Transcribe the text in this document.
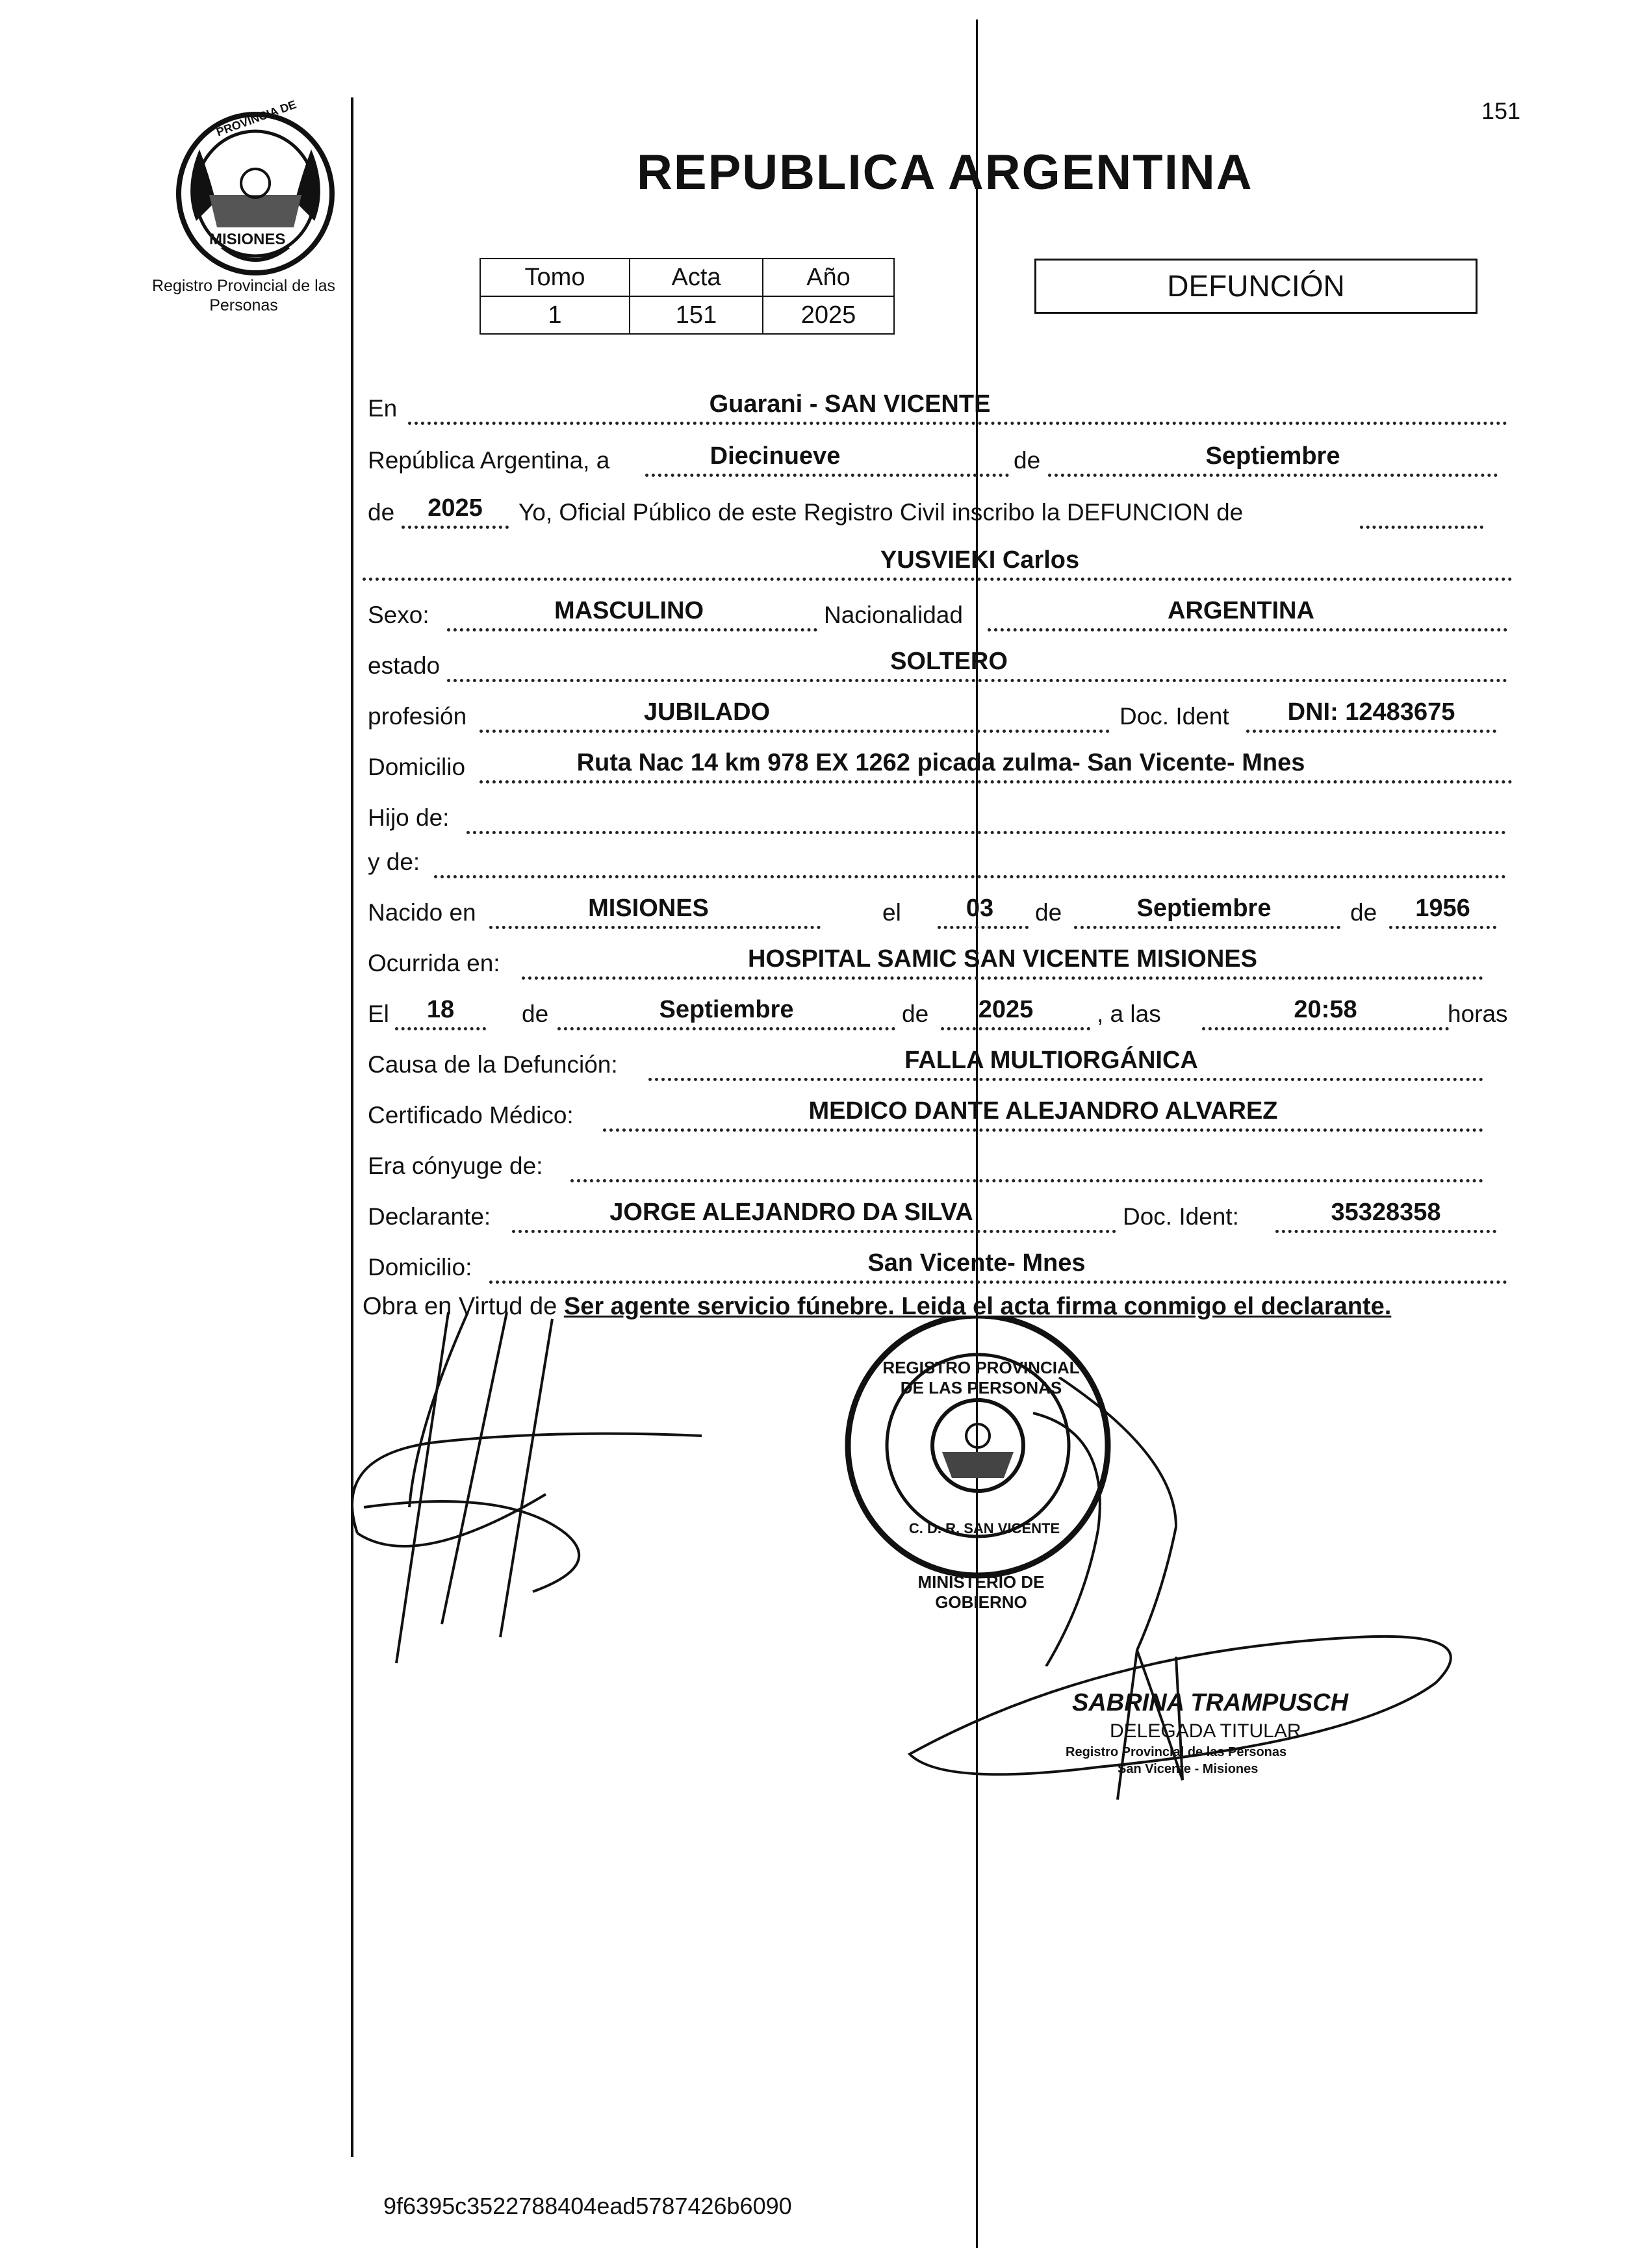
PROVINCIA DE
MISIONES
Registro Provincial de las Personas
151
REPUBLICA ARGENTINA
Tomo	Acta	Año
1	151	2025
DEFUNCIÓN
En	Guarani - SAN VICENTE
República Argentina, a	Diecinueve	de	Septiembre
de	2025	Yo, Oficial Público de este Registro Civil inscribo la DEFUNCION de
YUSVIEKI Carlos
Sexo:	MASCULINO	Nacionalidad	ARGENTINA
estado	SOLTERO
profesión	JUBILADO	Doc. Ident	DNI: 12483675
Domicilio	Ruta Nac 14 km 978 EX 1262 picada zulma- San Vicente- Mnes
Hijo de:
y de:
Nacido en	MISIONES	el	03	de	Septiembre	de	1956
Ocurrida en:	HOSPITAL SAMIC SAN VICENTE MISIONES
El	18	de	Septiembre	de	2025	, a las	20:58	horas
Causa de la Defunción:	FALLA MULTIORGÁNICA
Certificado Médico:	MEDICO DANTE ALEJANDRO ALVAREZ
Era cónyuge de:
Declarante:	JORGE ALEJANDRO DA SILVA	Doc. Ident:	35328358
Domicilio:	San Vicente- Mnes
Obra en Virtud de Ser agente servicio fúnebre. Leida el acta firma conmigo el declarante.
REGISTRO PROVINCIAL DE LAS PERSONAS
C. D. R. SAN VICENTE
MINISTERIO DE GOBIERNO
SABRINA TRAMPUSCH
DELEGADA TITULAR
Registro Provincial de las Personas
San Vicente - Misiones
9f6395c3522788404ead5787426b6090
